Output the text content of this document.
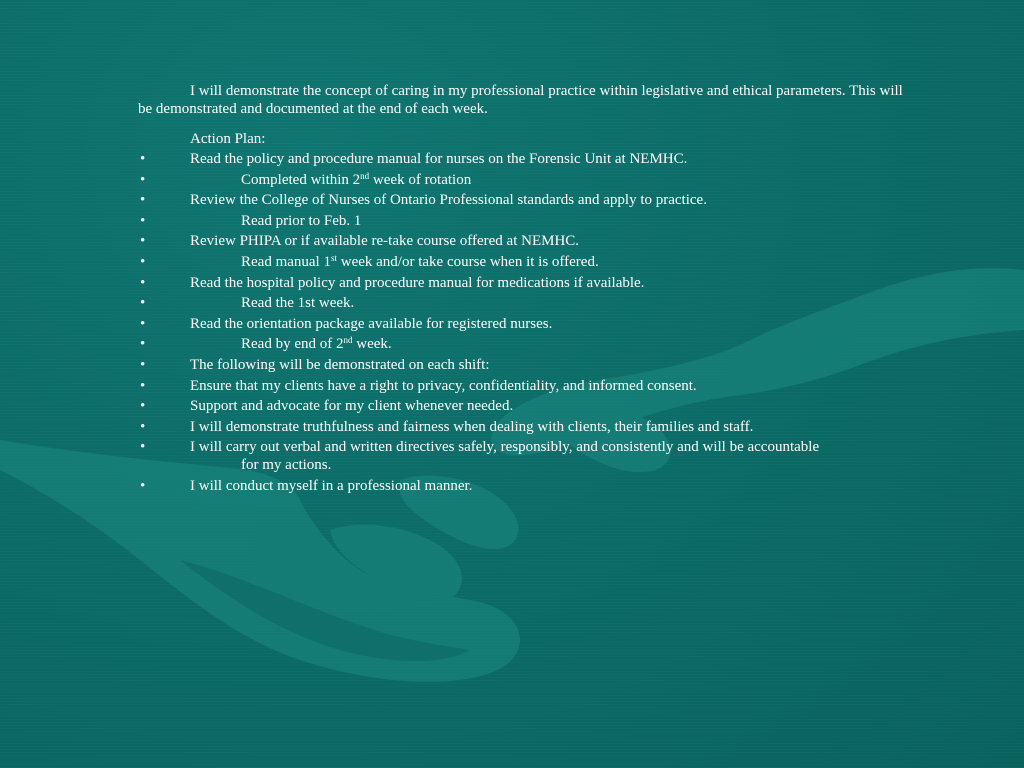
I will demonstrate the concept of caring in my professional practice within legislative and ethical parameters. This will be demonstrated and documented at the end of each week.

Action Plan:
•	Read the policy and procedure manual for nurses on the Forensic Unit at NEMHC.
•	Completed within 2nd week of rotation
•	Review the College of Nurses of Ontario Professional standards and apply to practice.
•	Read prior to Feb. 1
•	Review PHIPA or if available re-take course offered at NEMHC.
•	Read manual 1st week and/or take course when it is offered.
•	Read the hospital policy and procedure manual for medications if available.
•	Read the 1st week.
•	Read the orientation package available for registered nurses.
•	Read by end of 2nd week.
•	The following will be demonstrated on each shift:
•	Ensure that my clients have a right to privacy, confidentiality, and informed consent.
•	Support and advocate for my client whenever needed.
•	I will demonstrate truthfulness and fairness when dealing with clients, their families and staff.
•	I will carry out verbal and written directives safely, responsibly, and consistently and will be accountable
for my actions.
•	I will conduct myself in a professional manner.
